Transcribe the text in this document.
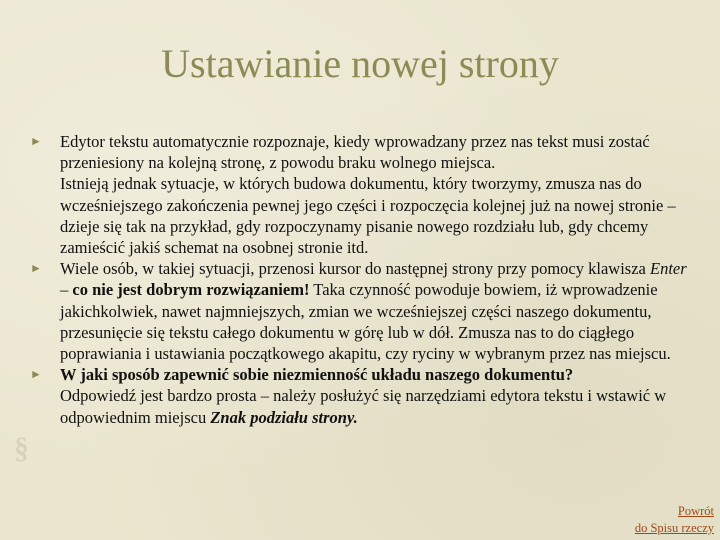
§
Ustawianie nowej strony
► Edytor tekstu automatycznie rozpoznaje, kiedy wprowadzany przez nas tekst musi zostać przeniesiony na kolejną stronę, z powodu braku wolnego miejsca.
Istnieją jednak sytuacje, w których budowa dokumentu, który tworzymy, zmusza nas do wcześniejszego zakończenia pewnej jego części i rozpoczęcia kolejnej już na nowej stronie – dzieje się tak na przykład, gdy rozpoczynamy pisanie nowego rozdziału lub, gdy chcemy zamieścić jakiś schemat na osobnej stronie itd.
► Wiele osób, w takiej sytuacji, przenosi kursor do następnej strony przy pomocy klawisza Enter – co nie jest dobrym rozwiązaniem! Taka czynność powoduje bowiem, iż wprowadzenie jakichkolwiek, nawet najmniejszych, zmian we wcześniejszej części naszego dokumentu, przesunięcie się tekstu całego dokumentu w górę lub w dół. Zmusza nas to do ciągłego poprawiania i ustawiania początkowego akapitu, czy ryciny w wybranym przez nas miejscu.
► W jaki sposób zapewnić sobie niezmienność układu naszego dokumentu?
Odpowiedź jest bardzo prosta – należy posłużyć się narzędziami edytora tekstu i wstawić w odpowiednim miejscu Znak podziału strony.
Powrót
do Spisu rzeczy
